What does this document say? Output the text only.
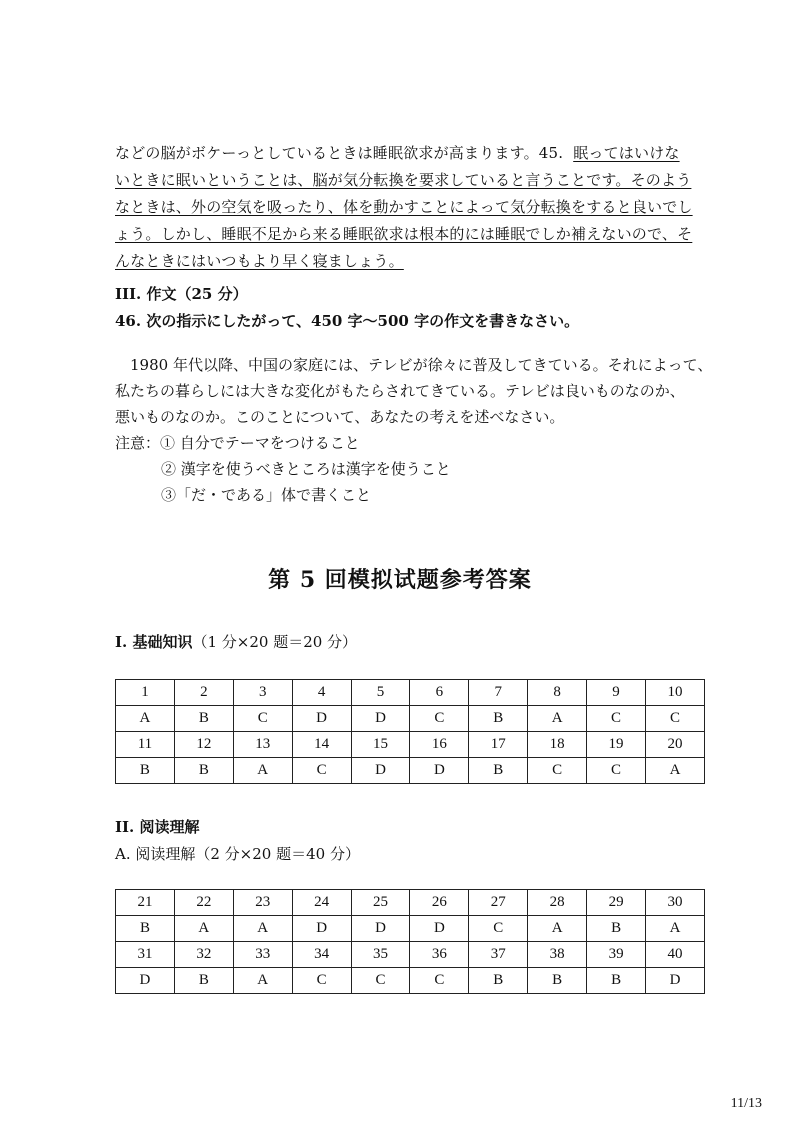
などの脳がボケーっとしているときは睡眠欲求が高まります。45.  眠ってはいけな
いときに眠いということは、脳が気分転換を要求していると言うことです。そのよう
なときは、外の空気を吸ったり、体を動かすことによって気分転換をすると良いでし
ょう。しかし、睡眠不足から来る睡眠欲求は根本的には睡眠でしか補えないので、そ
んなときにはいつもより早く寝ましょう。
III. 作文（25 分）
46. 次の指示にしたがって、450 字～500 字の作文を書きなさい。
1980 年代以降、中国の家庭には、テレビが徐々に普及してきている。それによって、
私たちの暮らしには大きな変化がもたらされてきている。テレビは良いものなのか、
悪いものなのか。このことについて、あなたの考えを述べなさい。
注意：① 自分でテーマをつけること
② 漢字を使うべきところは漢字を使うこと
③「だ・である」体で書くこと
第 5 回模拟试题参考答案
I. 基础知识（1 分×20 题＝20 分）
1	2	3	4	5	6	7	8	9	10
A	B	C	D	D	C	B	A	C	C
11	12	13	14	15	16	17	18	19	20
B	B	A	C	D	D	B	C	C	A
II. 阅读理解
A. 阅读理解（2 分×20 题＝40 分）
21	22	23	24	25	26	27	28	29	30
B	A	A	D	D	D	C	A	B	A
31	32	33	34	35	36	37	38	39	40
D	B	A	C	C	C	B	B	B	D
11/13
